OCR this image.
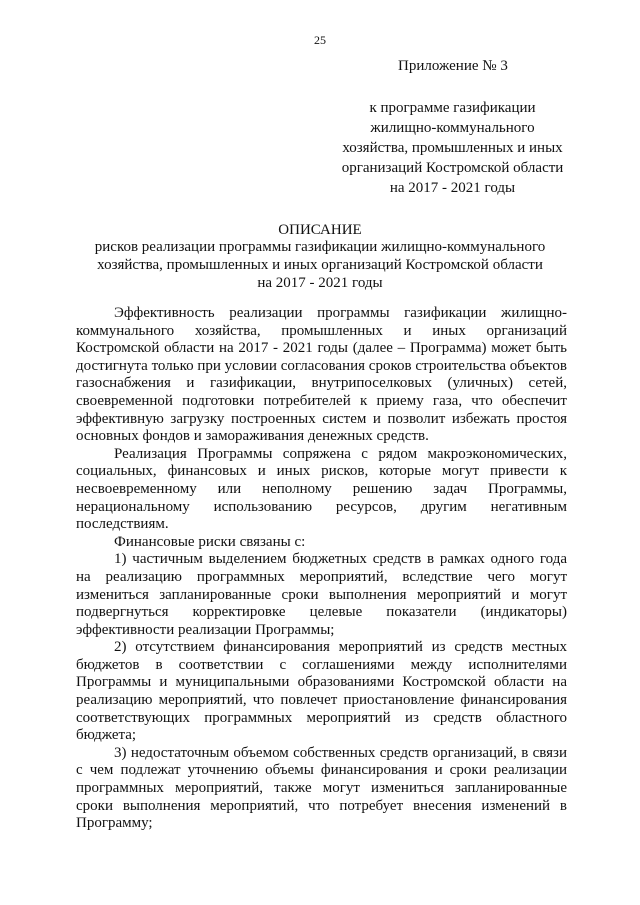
25
Приложение № 3
к программе газификации
жилищно-коммунального
хозяйства, промышленных и иных
организаций Костромской области
на 2017 - 2021 годы
ОПИСАНИЕ
рисков реализации программы газификации жилищно-коммунального
хозяйства, промышленных и иных организаций Костромской области
на 2017 - 2021 годы

Эффективность реализации программы газификации жилищно-коммунального хозяйства, промышленных и иных организаций Костромской области на 2017 - 2021 годы (далее – Программа) может быть достигнута только при условии согласования сроков строительства объектов газоснабжения и газификации, внутрипоселковых (уличных) сетей, своевременной подготовки потребителей к приему газа, что обеспечит эффективную загрузку построенных систем и позволит избежать простоя основных фондов и замораживания денежных средств.

Реализация Программы сопряжена с рядом макроэкономических, социальных, финансовых и иных рисков, которые могут привести к несвоевременному или неполному решению задач Программы, нерациональному использованию ресурсов, другим негативным последствиям.

Финансовые риски связаны с:

1) частичным выделением бюджетных средств в рамках одного года на реализацию программных мероприятий, вследствие чего могут измениться запланированные сроки выполнения мероприятий и могут подвергнуться корректировке целевые показатели (индикаторы) эффективности реализации Программы;

2) отсутствием финансирования мероприятий из средств местных бюджетов в соответствии с соглашениями между исполнителями Программы и муниципальными образованиями Костромской области на реализацию мероприятий, что повлечет приостановление финансирования соответствующих программных мероприятий из средств областного бюджета;

3) недостаточным объемом собственных средств организаций, в связи с чем подлежат уточнению объемы финансирования и сроки реализации программных мероприятий, также могут измениться запланированные сроки выполнения мероприятий, что потребует внесения изменений в Программу;
